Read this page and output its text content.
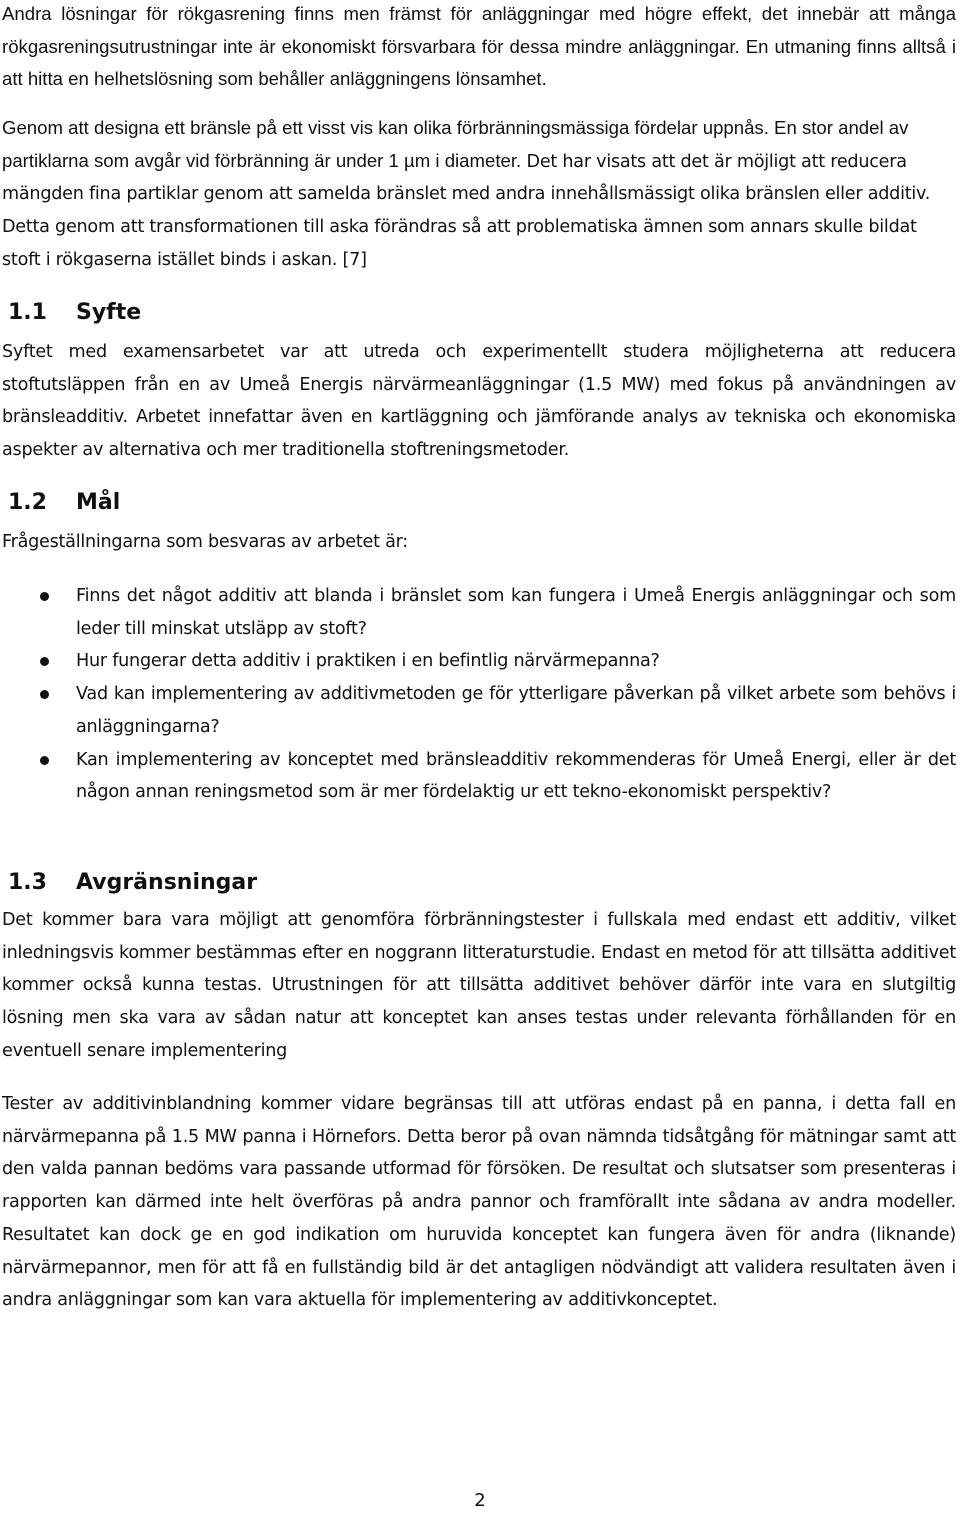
Andra lösningar för rökgasrening finns men främst för anläggningar med högre effekt, det innebär att många rökgasreningsutrustningar inte är ekonomiskt försvarbara för dessa mindre anläggningar. En utmaning finns alltså i att hitta en helhetslösning som behåller anläggningens lönsamhet.

Genom att designa ett bränsle på ett visst vis kan olika förbränningsmässiga fördelar uppnås. En stor andel av partiklarna som avgår vid förbränning är under 1 µm i diameter. Det har visats att det är möjligt att reducera mängden fina partiklar genom att samelda bränslet med andra innehållsmässigt olika bränslen eller additiv. Detta genom att transformationen till aska förändras så att problematiska ämnen som annars skulle bildat stoft i rökgaserna istället binds i askan. [7]

1.1 Syfte

Syftet med examensarbetet var att utreda och experimentellt studera möjligheterna att reducera stoftutsläppen från en av Umeå Energis närvärmeanläggningar (1.5 MW) med fokus på användningen av bränsleadditiv. Arbetet innefattar även en kartläggning och jämförande analys av tekniska och ekonomiska aspekter av alternativa och mer traditionella stoftreningsmetoder.

1.2 Mål

Frågeställningarna som besvaras av arbetet är:

Finns det något additiv att blanda i bränslet som kan fungera i Umeå Energis anläggningar och som leder till minskat utsläpp av stoft?
Hur fungerar detta additiv i praktiken i en befintlig närvärmepanna?
Vad kan implementering av additivmetoden ge för ytterligare påverkan på vilket arbete som behövs i anläggningarna?
Kan implementering av konceptet med bränsleadditiv rekommenderas för Umeå Energi, eller är det någon annan reningsmetod som är mer fördelaktig ur ett tekno-ekonomiskt perspektiv?
1.3 Avgränsningar

Det kommer bara vara möjligt att genomföra förbränningstester i fullskala med endast ett additiv, vilket inledningsvis kommer bestämmas efter en noggrann litteraturstudie. Endast en metod för att tillsätta additivet kommer också kunna testas. Utrustningen för att tillsätta additivet behöver därför inte vara en slutgiltig lösning men ska vara av sådan natur att konceptet kan anses testas under relevanta förhållanden för en eventuell senare implementering

Tester av additivinblandning kommer vidare begränsas till att utföras endast på en panna, i detta fall en närvärmepanna på 1.5 MW panna i Hörnefors. Detta beror på ovan nämnda tidsåtgång för mätningar samt att den valda pannan bedöms vara passande utformad för försöken. De resultat och slutsatser som presenteras i rapporten kan därmed inte helt överföras på andra pannor och framförallt inte sådana av andra modeller. Resultatet kan dock ge en god indikation om huruvida konceptet kan fungera även för andra (liknande) närvärmepannor, men för att få en fullständig bild är det antagligen nödvändigt att validera resultaten även i andra anläggningar som kan vara aktuella för implementering av additivkonceptet.

2
